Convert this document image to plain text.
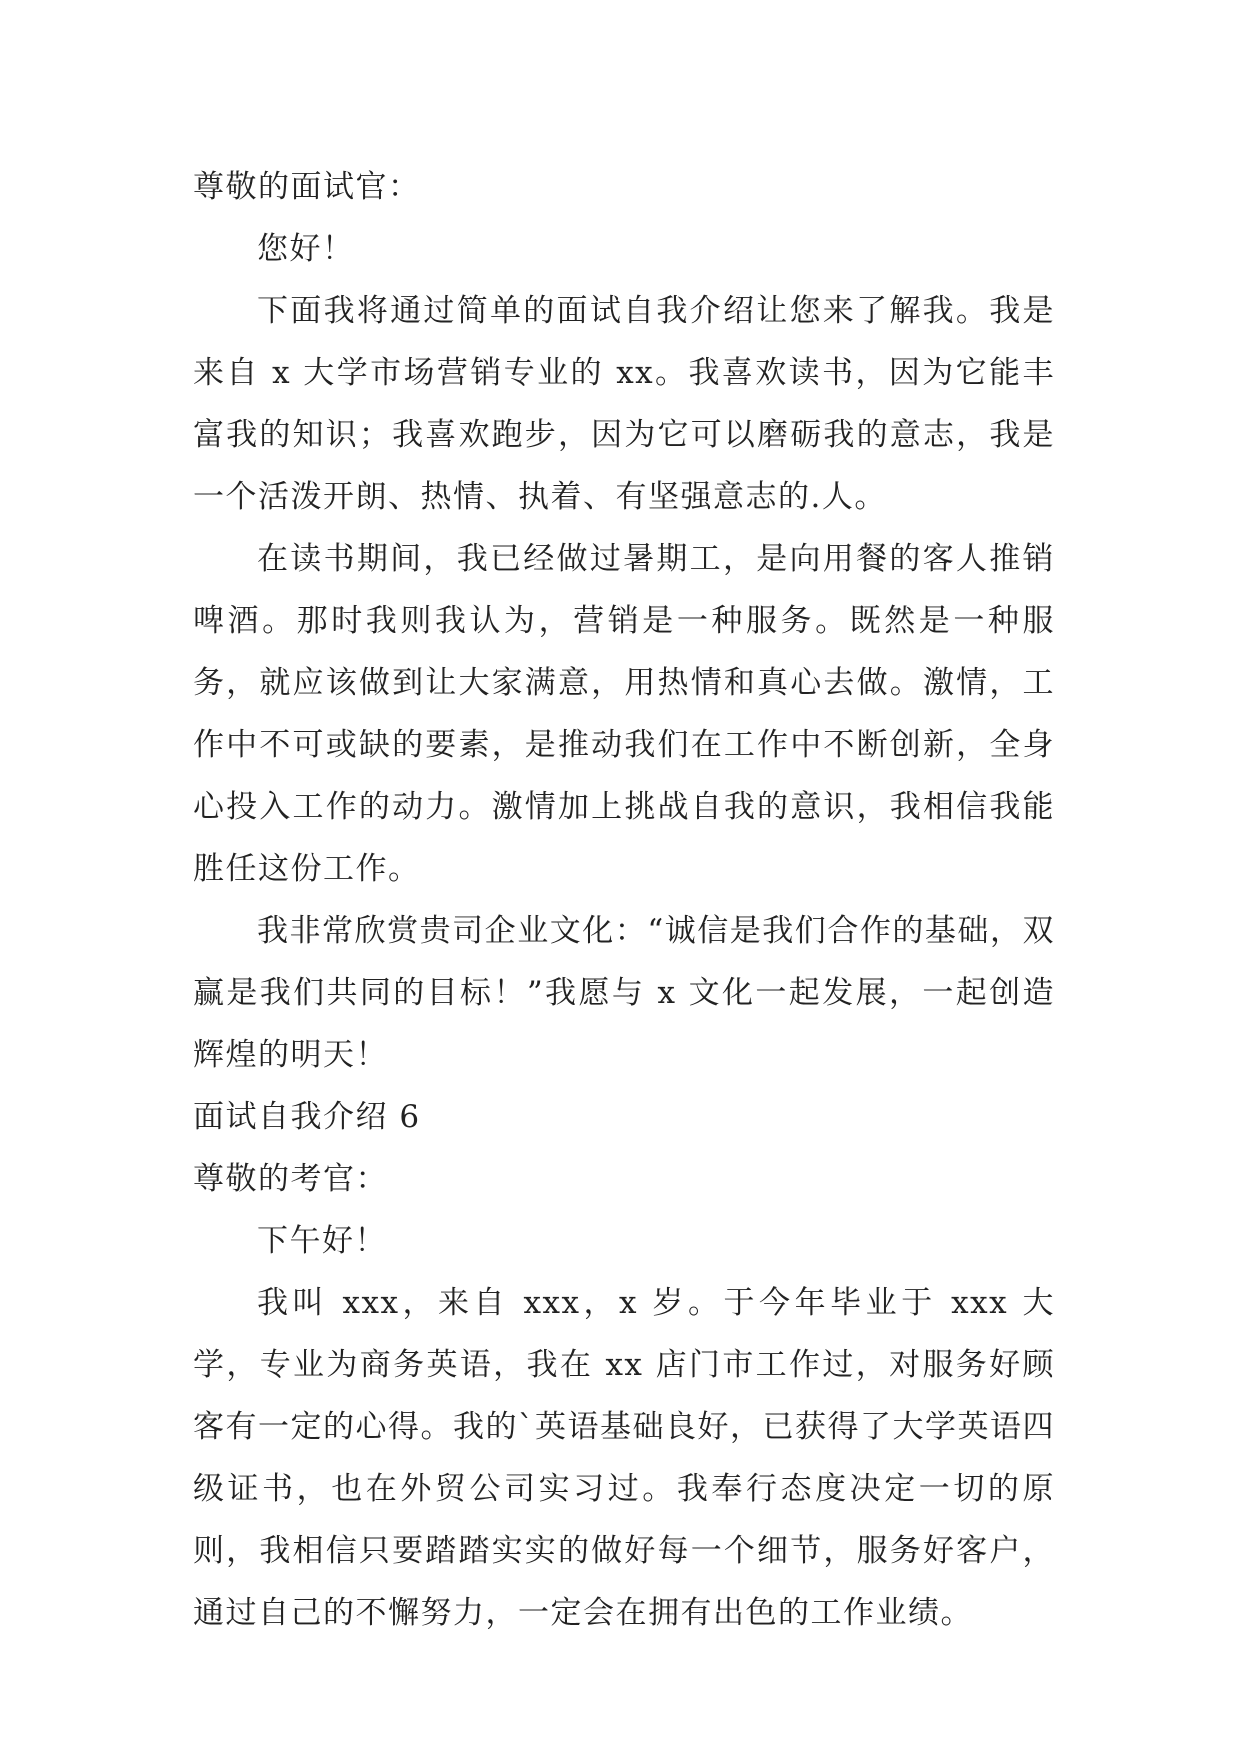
尊敬的面试官：

您好！

下面我将通过简单的面试自我介绍让您来了解我。我是来自 x 大学市场营销专业的 xx。我喜欢读书，因为它能丰富我的知识；我喜欢跑步，因为它可以磨砺我的意志，我是一个活泼开朗、热情、执着、有坚强意志的.人。

在读书期间，我已经做过暑期工，是向用餐的客人推销啤酒。那时我则我认为，营销是一种服务。既然是一种服务，就应该做到让大家满意，用热情和真心去做。激情，工作中不可或缺的要素，是推动我们在工作中不断创新，全身心投入工作的动力。激情加上挑战自我的意识，我相信我能胜任这份工作。

我非常欣赏贵司企业文化：“诚信是我们合作的基础，双赢是我们共同的目标！”我愿与 x 文化一起发展，一起创造辉煌的明天！

面试自我介绍 6

尊敬的考官：

下午好！

我叫 xxx，来自 xxx，x 岁。于今年毕业于 xxx 大学，专业为商务英语，我在 xx 店门市工作过，对服务好顾客有一定的心得。我的`英语基础良好，已获得了大学英语四级证书，也在外贸公司实习过。我奉行态度决定一切的原则，我相信只要踏踏实实的做好每一个细节，服务好客户，通过自己的不懈努力，一定会在拥有出色的工作业绩。
